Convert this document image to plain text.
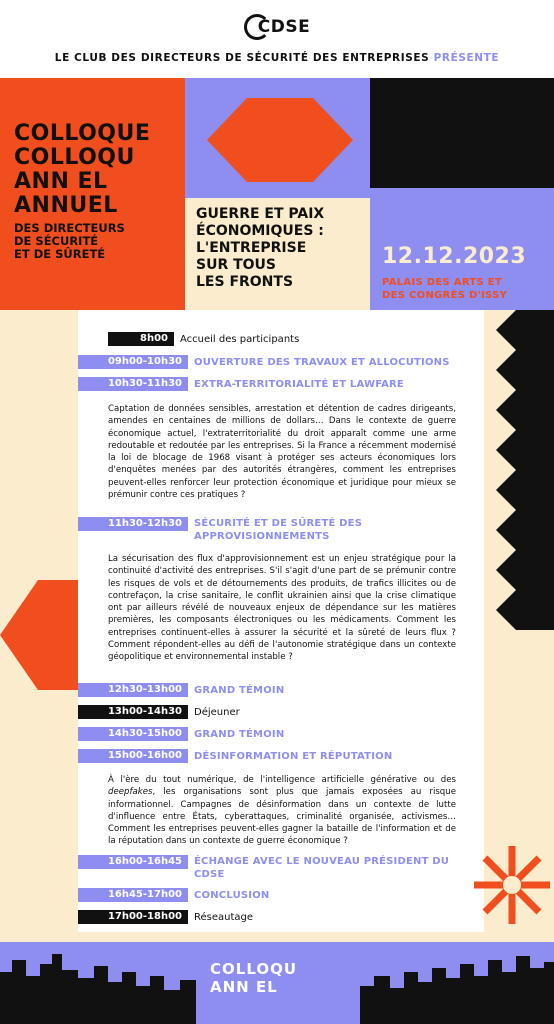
CDSE
LE CLUB DES DIRECTEURS DE SÉCURITÉ DES ENTREPRISES PRÉSENTE
COLLOQUE
COLLOQU
ANN EL
ANNUEL
DES DIRECTEURS
DE SÉCURITÉ
ET DE SÛRETÉ
GUERRE ET PAIX
ÉCONOMIQUES :
L'ENTREPRISE
SUR TOUS
LES FRONTS
12.12.2023
PALAIS DES ARTS ET
DES CONGRÈS D'ISSY
8h00	Accueil des participants
09h00-10h30	OUVERTURE DES TRAVAUX ET ALLOCUTIONS
10h30-11h30	EXTRA-TERRITORIALITÉ ET LAWFARE
Captation de données sensibles, arrestation et détention de cadres dirigeants, amendes en centaines de millions de dollars… Dans le contexte de guerre économique actuel, l'extraterritorialité du droit apparaît comme une arme redoutable et redoutée par les entreprises. Si la France a récemment modernisé la loi de blocage de 1968 visant à protéger ses acteurs économiques lors d'enquêtes menées par des autorités étrangères, comment les entreprises peuvent-elles renforcer leur protection économique et juridique pour mieux se prémunir contre ces pratiques ?
11h30-12h30	SÉCURITÉ ET DE SÛRETÉ DES APPROVISIONNEMENTS
La sécurisation des flux d'approvisionnement est un enjeu stratégique pour la continuité d'activité des entreprises. S'il s'agit d'une part de se prémunir contre les risques de vols et de détournements des produits, de trafics illicites ou de contrefaçon, la crise sanitaire, le conflit ukrainien ainsi que la crise climatique ont par ailleurs révélé de nouveaux enjeux de dépendance sur les matières premières, les composants électroniques ou les médicaments. Comment les entreprises continuent-elles à assurer la sécurité et la sûreté de leurs flux ? Comment répondent-elles au défi de l'autonomie stratégique dans un contexte géopolitique et environnemental instable ?
12h30-13h00	GRAND TÉMOIN
13h00-14h30	Déjeuner
14h30-15h00	GRAND TÉMOIN
15h00-16h00	DÉSINFORMATION ET RÉPUTATION
À l'ère du tout numérique, de l'intelligence artificielle générative ou des deepfakes, les organisations sont plus que jamais exposées au risque informationnel. Campagnes de désinformation dans un contexte de lutte d'influence entre États, cyberattaques, criminalité organisée, activismes… Comment les entreprises peuvent-elles gagner la bataille de l'information et de la réputation dans un contexte de guerre économique ?
16h00-16h45	ÉCHANGE AVEC LE NOUVEAU PRÉSIDENT DU CDSE
16h45-17h00	CONCLUSION
17h00-18h00	Réseautage
COLLOQU
ANN EL
